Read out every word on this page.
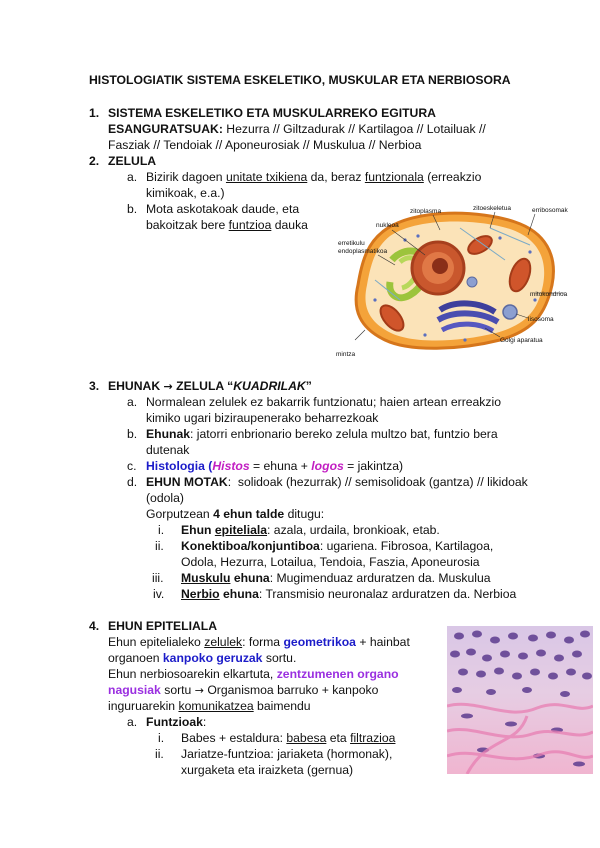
HISTOLOGIATIK SISTEMA ESKELETIKO, MUSKULAR ETA NERBIOSORA
1. SISTEMA ESKELETIKO ETA MUSKULARREKO EGITURA
ESANGURATSUAK: Hezurra // Giltzadurak // Kartilagoa // Lotailuak //
Fasziak // Tendoiak // Aponeurosiak // Muskulua // Nerbioa
2. ZELULA
a. Bizirik dagoen unitate txikiena da, beraz funtzionala (erreakzio
kimikoak, e.a.)
b. Mota askotakoak daude, eta
bakoitzak bere funtzioa dauka
zitoplasma	zitoeskeletua	erribosomak
nukleoa
erretikulu
endoplasmatikoa
mitokondrioa
lisosoma
Golgi aparatua
mintza
3. EHUNAK → ZELULA “KUADRILAK”
a. Normalean zelulek ez bakarrik funtzionatu; haien artean erreakzio
kimiko ugari biziraupenerako beharrezkoak
b. Ehunak: jatorri enbrionario bereko zelula multzo bat, funtzio bera
dutenak
c. Histologia (Histos = ehuna + logos = jakintza)
d. EHUN MOTAK:  solidoak (hezurrak) // semisolidoak (gantza) // likidoak
(odola)
Gorputzean 4 ehun talde ditugu:
i. Ehun epiteliala: azala, urdaila, bronkioak, etab.
ii. Konektiboa/konjuntiboa: ugariena. Fibrosoa, Kartilagoa,
Odola, Hezurra, Lotailua, Tendoia, Faszia, Aponeurosia
iii. Muskulu ehuna: Mugimenduaz arduratzen da. Muskulua
iv. Nerbio ehuna: Transmisio neuronalaz arduratzen da. Nerbioa
4. EHUN EPITELIALA
Ehun epitelialeko zelulek: forma geometrikoa + hainbat
organoen kanpoko geruzak sortu.
Ehun nerbiosoarekin elkartuta, zentzumenen organo
nagusiak sortu → Organismoa barruko + kanpoko
inguruarekin komunikatzea baimendu
a. Funtzioak:
i. Babes + estaldura: babesa eta filtrazioa
ii. Jariatze-funtzioa: jariaketa (hormonak),
xurgaketa eta iraizketa (gernua)
